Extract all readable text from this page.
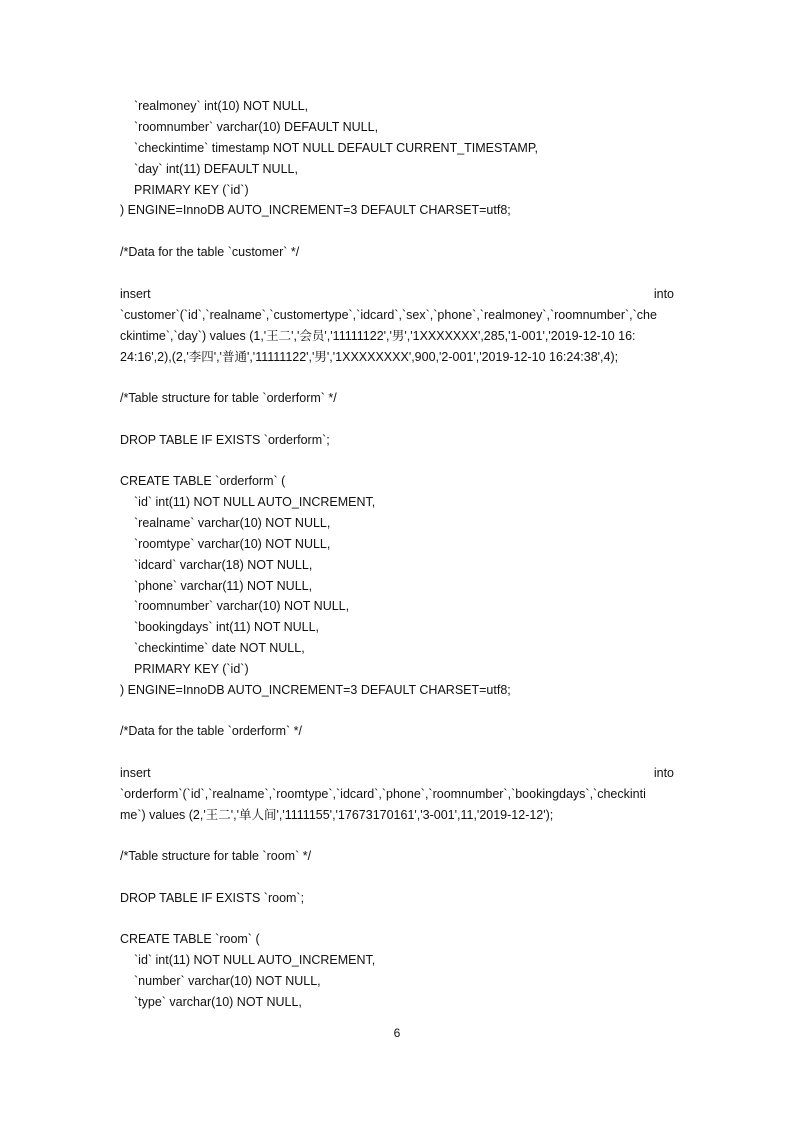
`realmoney` int(10) NOT NULL,
`roomnumber` varchar(10) DEFAULT NULL,
`checkintime` timestamp NOT NULL DEFAULT CURRENT_TIMESTAMP,
`day` int(11) DEFAULT NULL,
PRIMARY KEY (`id`)
) ENGINE=InnoDB AUTO_INCREMENT=3 DEFAULT CHARSET=utf8;
/*Data for the table `customer` */
insert	into
`customer`(`id`,`realname`,`customertype`,`idcard`,`sex`,`phone`,`realmoney`,`roomnumber`,`che
ckintime`,`day`) values (1,'王二','会员','11111122','男','1XXXXXXX',285,'1-001','2019-12-10 16:
24:16',2),(2,'李四','普通','11111122','男','1XXXXXXXX',900,'2-001','2019-12-10 16:24:38',4);
/*Table structure for table `orderform` */
DROP TABLE IF EXISTS `orderform`;
CREATE TABLE `orderform` (
`id` int(11) NOT NULL AUTO_INCREMENT,
`realname` varchar(10) NOT NULL,
`roomtype` varchar(10) NOT NULL,
`idcard` varchar(18) NOT NULL,
`phone` varchar(11) NOT NULL,
`roomnumber` varchar(10) NOT NULL,
`bookingdays` int(11) NOT NULL,
`checkintime` date NOT NULL,
PRIMARY KEY (`id`)
) ENGINE=InnoDB AUTO_INCREMENT=3 DEFAULT CHARSET=utf8;
/*Data for the table `orderform` */
insert	into
`orderform`(`id`,`realname`,`roomtype`,`idcard`,`phone`,`roomnumber`,`bookingdays`,`checkinti
me`) values (2,'王二','单人间','1111155','17673170161','3-001',11,'2019-12-12');
/*Table structure for table `room` */
DROP TABLE IF EXISTS `room`;
CREATE TABLE `room` (
`id` int(11) NOT NULL AUTO_INCREMENT,
`number` varchar(10) NOT NULL,
`type` varchar(10) NOT NULL,
6
